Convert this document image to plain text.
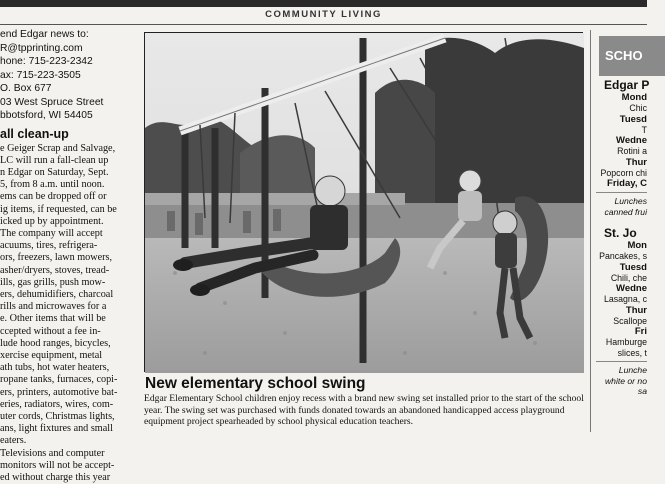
COMMUNITY LIVING

end Edgar news to:

R@tpprinting.com

hone: 715-223-2342

ax: 715-223-3505

O. Box 677

03 West Spruce Street

bbotsford, WI 54405

all clean-up

e Geiger Scrap and Salvage,
LC will run a fall-clean up
n Edgar on Saturday, Sept.
5, from 8 a.m. until noon.
ems can be dropped off or
ig items, if requested, can be
icked up by appointment.
The company will accept
acuums, tires, refrigera-
ors, freezers, lawn mowers,
asher/dryers, stoves, tread-
ills, gas grills, push mow-
ers, dehumidifiers, charcoal
rills and microwaves for a
e. Other items that will be
ccepted without a fee in-
lude hood ranges, bicycles,
xercise equipment, metal
ath tubs, hot water heaters,
ropane tanks, furnaces, copi-
ers, printers, automotive bat-
eries, radiators, wires, com-
uter cords, Christmas lights,
ans, light fixtures and small
eaters.
Televisions and computer
monitors will not be accept-
ed without charge this year

New elementary school swing
Edgar Elementary School children enjoy recess with a brand new swing set installed prior to the start of the school year. The swing set was purchased with funds donated towards an abandoned handicapped access playground equipment project spearheaded by school physical education teachers.
SCHO
Edgar P
Mond
Chic
Tuesd
T
Wedne
Rotini a
Thur
Popcorn chi
Friday, C
Lunches
canned frui
St. Jo
Mon
Pancakes, s
Tuesd
Chili, che
Wedne
Lasagna, c
Thur
Scallope
Fri
Hamburge
slices, t
Lunche
white or no
sa
